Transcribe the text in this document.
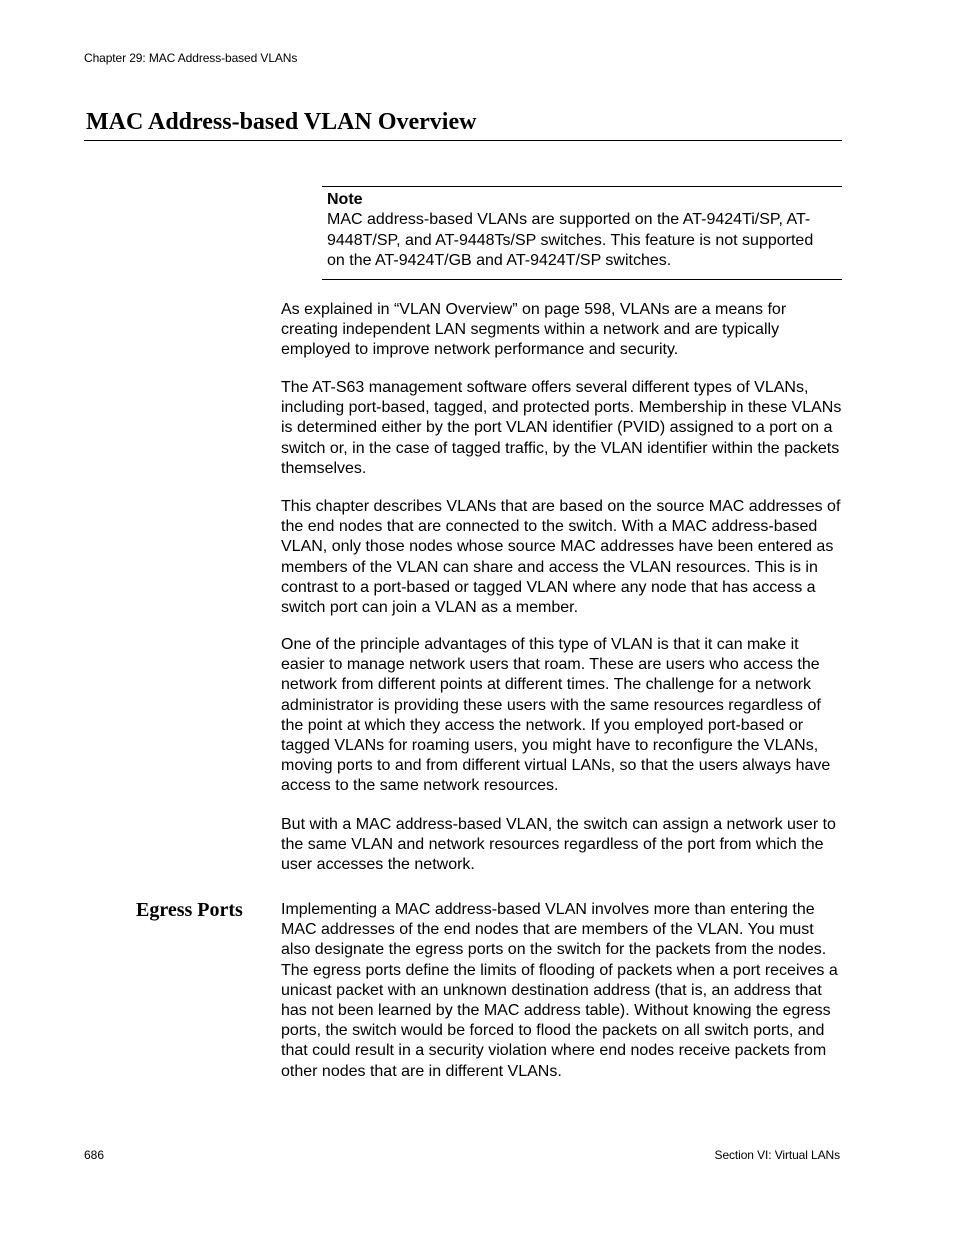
Chapter 29: MAC Address-based VLANs
MAC Address-based VLAN Overview
Note
MAC address-based VLANs are supported on the AT-9424Ti/SP, AT-9448T/SP, and AT-9448Ts/SP switches. This feature is not supported on the AT-9424T/GB and AT-9424T/SP switches.

As explained in “VLAN Overview” on page 598, VLANs are a means for creating independent LAN segments within a network and are typically employed to improve network performance and security.

The AT-S63 management software offers several different types of VLANs, including port-based, tagged, and protected ports. Membership in these VLANs is determined either by the port VLAN identifier (PVID) assigned to a port on a switch or, in the case of tagged traffic, by the VLAN identifier within the packets themselves.

This chapter describes VLANs that are based on the source MAC addresses of the end nodes that are connected to the switch. With a MAC address-based VLAN, only those nodes whose source MAC addresses have been entered as members of the VLAN can share and access the VLAN resources. This is in contrast to a port-based or tagged VLAN where any node that has access a switch port can join a VLAN as a member.

One of the principle advantages of this type of VLAN is that it can make it easier to manage network users that roam. These are users who access the network from different points at different times. The challenge for a network administrator is providing these users with the same resources regardless of the point at which they access the network. If you employed port-based or tagged VLANs for roaming users, you might have to reconfigure the VLANs, moving ports to and from different virtual LANs, so that the users always have access to the same network resources.

But with a MAC address-based VLAN, the switch can assign a network user to the same VLAN and network resources regardless of the port from which the user accesses the network.

Egress Ports Implementing a MAC address-based VLAN involves more than entering the MAC addresses of the end nodes that are members of the VLAN. You must also designate the egress ports on the switch for the packets from the nodes. The egress ports define the limits of flooding of packets when a port receives a unicast packet with an unknown destination address (that is, an address that has not been learned by the MAC address table). Without knowing the egress ports, the switch would be forced to flood the packets on all switch ports, and that could result in a security violation where end nodes receive packets from other nodes that are in different VLANs.

686	Section VI: Virtual LANs
